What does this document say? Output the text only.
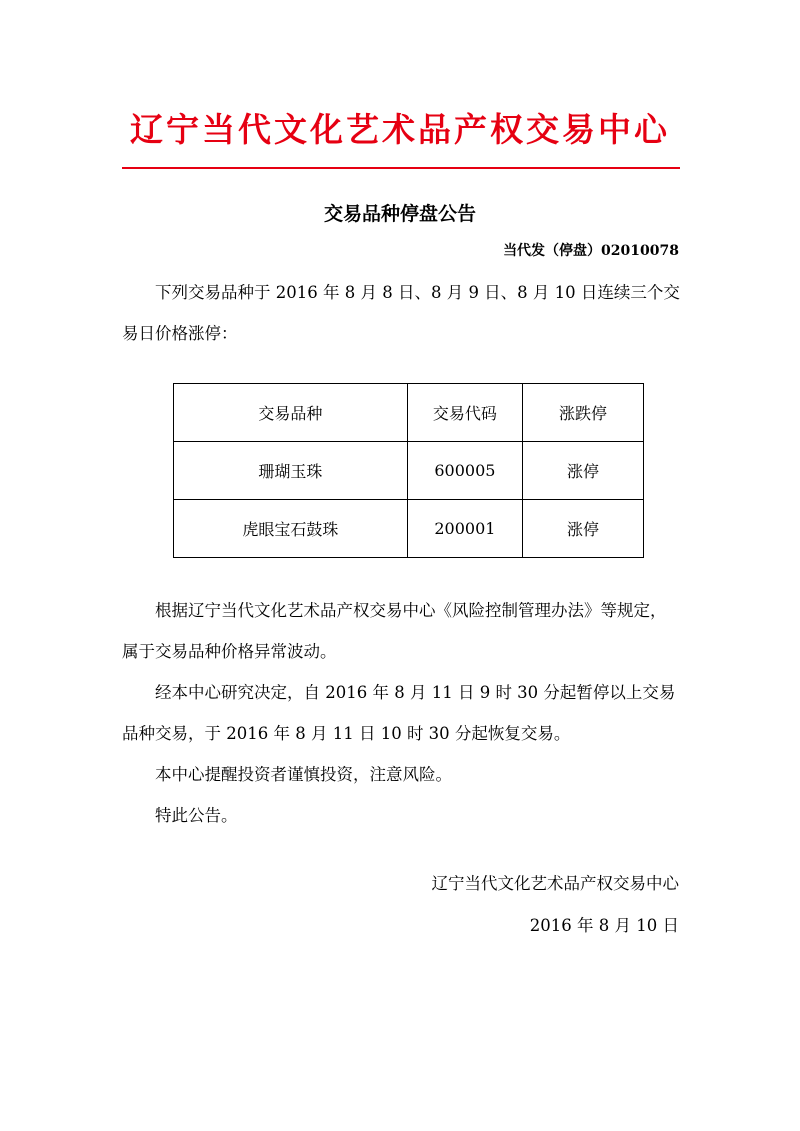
辽宁当代文化艺术品产权交易中心
交易品种停盘公告
当代发（停盘）02010078

下列交易品种于 2016 年 8 月 8 日、8 月 9 日、8 月 10 日连续三个交易日价格涨停：

交易品种	交易代码	涨跌停
珊瑚玉珠	600005	涨停
虎眼宝石鼓珠	200001	涨停

根据辽宁当代文化艺术品产权交易中心《风险控制管理办法》等规定，属于交易品种价格异常波动。

经本中心研究决定，自 2016 年 8 月 11 日 9 时 30 分起暂停以上交易品种交易，于 2016 年 8 月 11 日 10 时 30 分起恢复交易。

本中心提醒投资者谨慎投资，注意风险。

特此公告。

辽宁当代文化艺术品产权交易中心
2016 年 8 月 10 日
